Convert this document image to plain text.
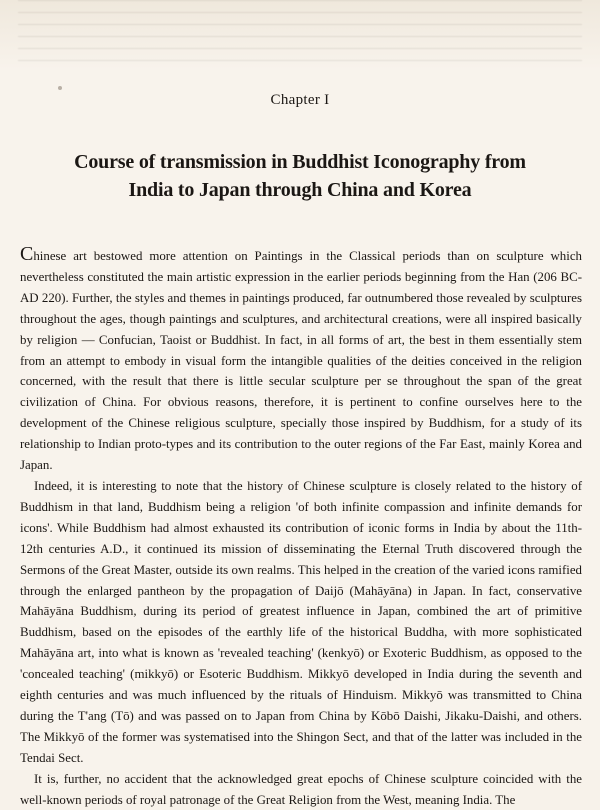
Chapter I
Course of transmission in Buddhist Iconography from
India to Japan through China and Korea

Chinese art bestowed more attention on Paintings in the Classical periods than on sculpture which nevertheless constituted the main artistic expression in the earlier periods beginning from the Han (206 BC-AD 220). Further, the styles and themes in paintings produced, far outnumbered those revealed by sculptures throughout the ages, though paintings and sculptures, and architectural creations, were all inspired basically by religion — Confucian, Taoist or Buddhist. In fact, in all forms of art, the best in them essentially stem from an attempt to embody in visual form the intangible qualities of the deities conceived in the religion concerned, with the result that there is little secular sculpture per se throughout the span of the great civilization of China. For obvious reasons, therefore, it is pertinent to confine ourselves here to the development of the Chinese religious sculpture, specially those inspired by Buddhism, for a study of its relationship to Indian proto-types and its contribution to the outer regions of the Far East, mainly Korea and Japan.

Indeed, it is interesting to note that the history of Chinese sculpture is closely related to the history of Buddhism in that land, Buddhism being a religion 'of both infinite compassion and infinite demands for icons'. While Buddhism had almost exhausted its contribution of iconic forms in India by about the 11th-12th centuries A.D., it continued its mission of disseminating the Eternal Truth discovered through the Sermons of the Great Master, outside its own realms. This helped in the creation of the varied icons ramified through the enlarged pantheon by the propagation of Daijō (Mahāyāna) in Japan. In fact, conservative Mahāyāna Buddhism, during its period of greatest influence in Japan, combined the art of primitive Buddhism, based on the episodes of the earthly life of the historical Buddha, with more sophisticated Mahāyāna art, into what is known as 'revealed teaching' (kenkyō) or Exoteric Buddhism, as opposed to the 'concealed teaching' (mikkyō) or Esoteric Buddhism. Mikkyō developed in India during the seventh and eighth centuries and was much influenced by the rituals of Hinduism. Mikkyō was transmitted to China during the T'ang (Tō) and was passed on to Japan from China by Kōbō Daishi, Jikaku-Daishi, and others. The Mikkyō of the former was systematised into the Shingon Sect, and that of the latter was included in the Tendai Sect.

It is, further, no accident that the acknowledged great epochs of Chinese sculpture coincided with the well-known periods of royal patronage of the Great Religion from the West, meaning India. The
